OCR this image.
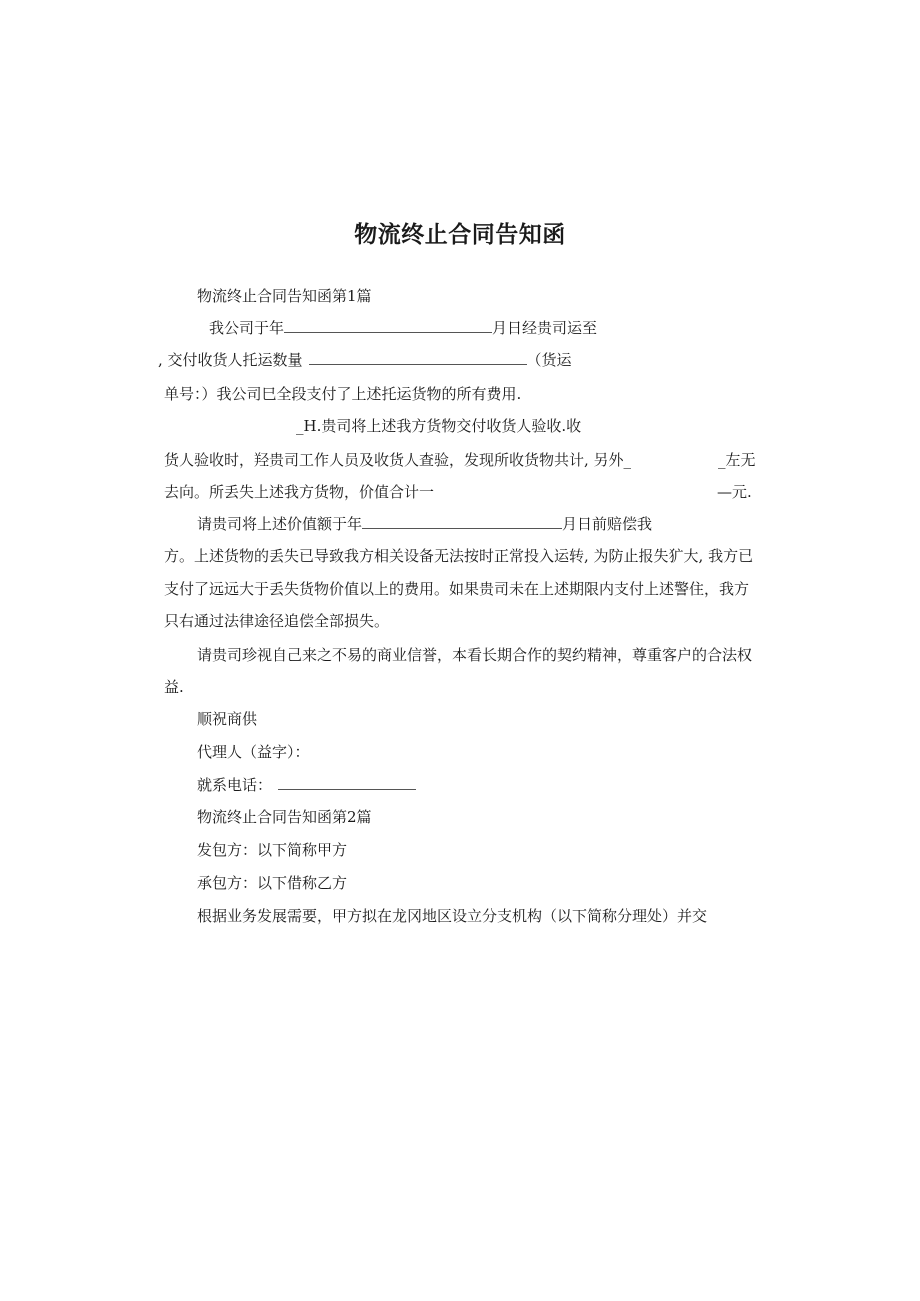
物流终止合同告知函
物流终止合同告知函第1篇
我公司于年	月日经贵司运至
, 交付收货人托运数量	（货运
单号：）我公司巳全段支付了上述托运货物的所有费用.
_H.贵司将上述我方货物交付收货人验收.收
货人验收时，羟贵司工作人员及收货人查验，发现所收货物共计, 另外_	_左无
去向。所丢失上述我方货物，价值合计一	—元.
请贵司将上述价值额于年	月日前赔偿我
方。上述货物的丢失已导致我方相关设备无法按时正常投入运转, 为防止报失犷大, 我方已
支付了远远大于丢失货物价值以上的费用。如果贵司未在上述期限内支付上述警住，我方
只右通过法律途径追偿全部损失。
请贵司珍视自己来之不易的商业信誉，本看长期合作的契约精神，尊重客户的合法权
益.
顺祝商供
代理人（益字）：
就系电话：
物流终止合同告知函第2篇
发包方：以下简称甲方
承包方：以下借称乙方
根据业务发展需要，甲方拟在龙冈地区设立分支机构（以下简称分理处）并交
